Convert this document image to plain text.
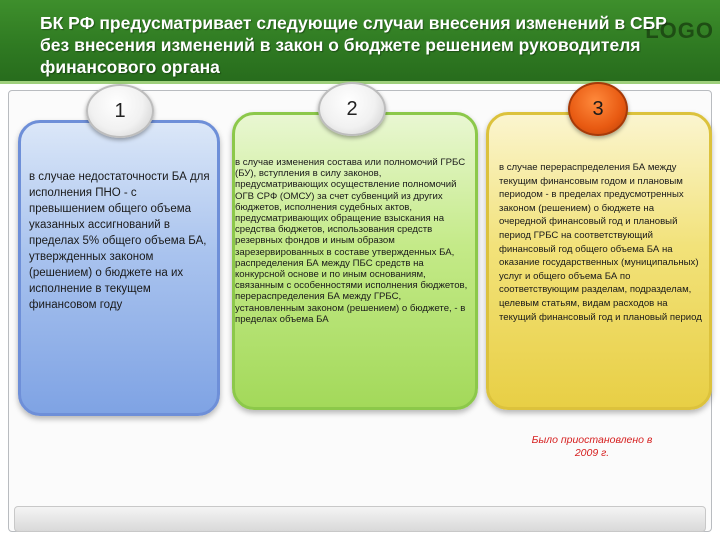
LOGO
БК РФ предусматривает следующие случаи внесения изменений в СБР без внесения изменений в закон о бюджете решением руководителя финансового органа

в случае недостаточности БА для исполнения ПНО - с превышением общего объема указанных ассигнований в пределах 5% общего объема БА, утвержденных законом (решением) о бюджете на их исполнение в текущем финансовом году

в случае изменения состава или полномочий ГРБС (БУ), вступления в силу законов, предусматривающих осуществление полномочий ОГВ СРФ (ОМСУ) за счет субвенций из других бюджетов, исполнения судебных актов, предусматривающих обращение взыскания на средства бюджетов, использования средств резервных фондов и иным образом зарезервированных в составе утвержденных БА, распределения БА между ПБС средств на конкурсной основе и по иным основаниям, связанным с особенностями исполнения бюджетов, перераспределения БА между ГРБС, установленным законом (решением) о бюджете, - в пределах объема БА

в случае перераспределения БА между текущим финансовым годом и плановым периодом - в пределах предусмотренных законом (решением) о бюджете на очередной финансовый год и плановый период ГРБС на соответствующий финансовый год общего объема БА на оказание государственных (муниципальных) услуг и общего объема БА по соответствующим разделам, подразделам, целевым статьям, видам расходов на текущий финансовый год и плановый период

1	2	3

Было приостановлено в 2009 г.
